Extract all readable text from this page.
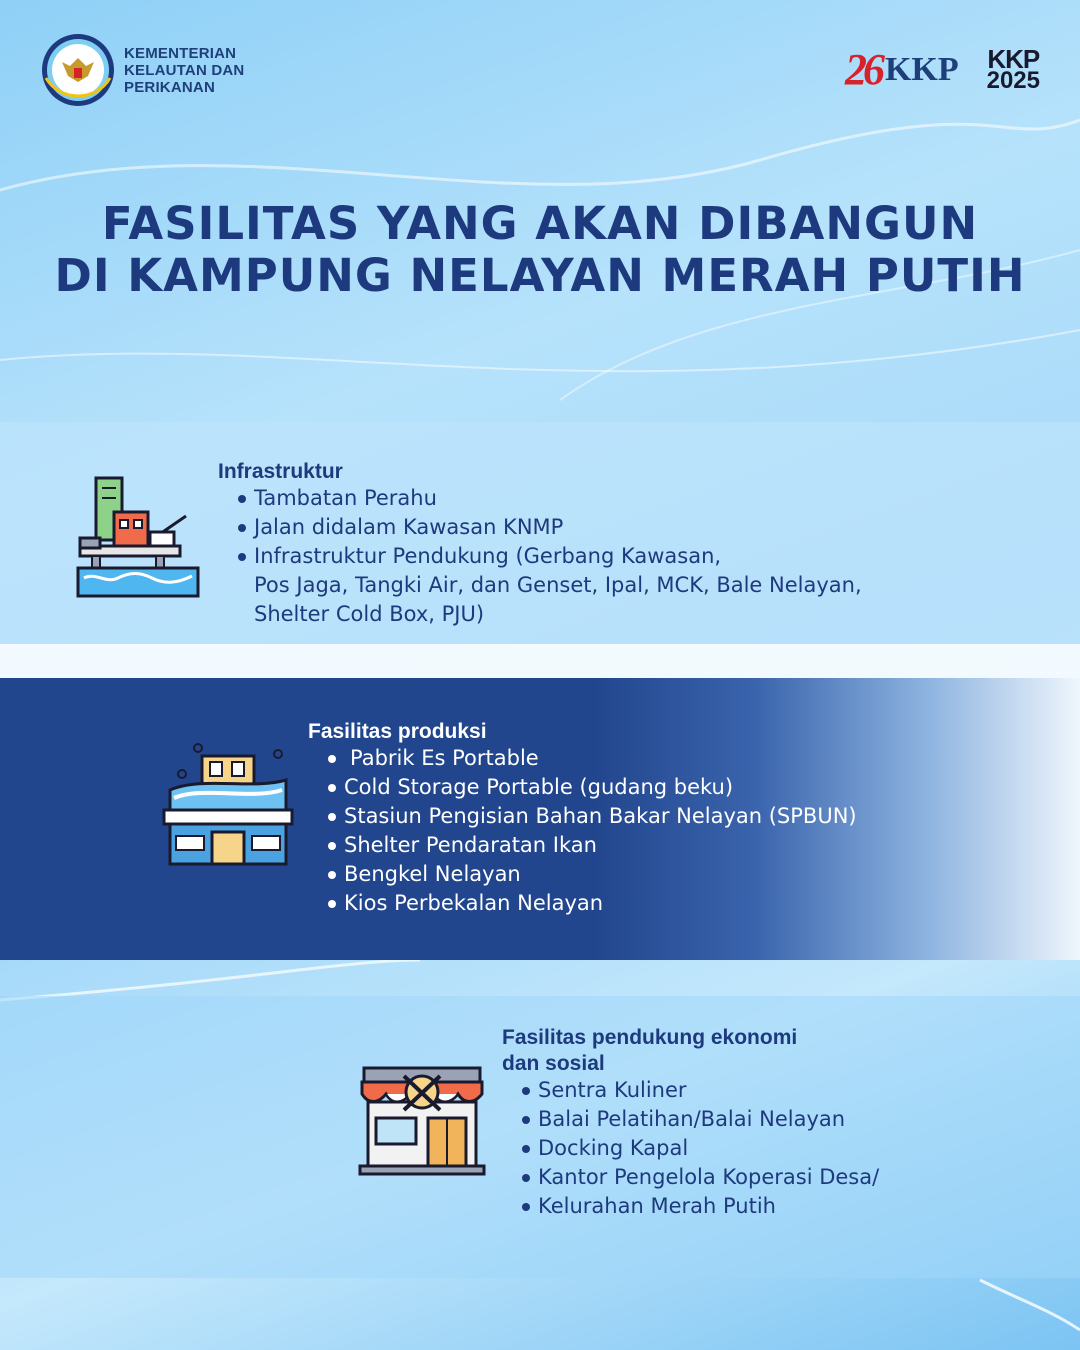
KEMENTERIAN
KELAUTAN DAN
PERIKANAN	26 KKP KKP
2025
FASILITAS YANG AKAN DIBANGUN
DI KAMPUNG NELAYAN MERAH PUTIH
Infrastruktur
Tambatan Perahu
Jalan didalam Kawasan KNMP
Infrastruktur Pendukung (Gerbang Kawasan,
Pos Jaga, Tangki Air, dan Genset, Ipal, MCK, Bale Nelayan,
Shelter Cold Box, PJU)
Fasilitas produksi
Pabrik Es Portable
Cold Storage Portable (gudang beku)
Stasiun Pengisian Bahan Bakar Nelayan (SPBUN)
Shelter Pendaratan Ikan
Bengkel Nelayan
Kios Perbekalan Nelayan
Fasilitas pendukung ekonomi
dan sosial
Sentra Kuliner
Balai Pelatihan/Balai Nelayan
Docking Kapal
Kantor Pengelola Koperasi Desa/
Kelurahan Merah Putih
